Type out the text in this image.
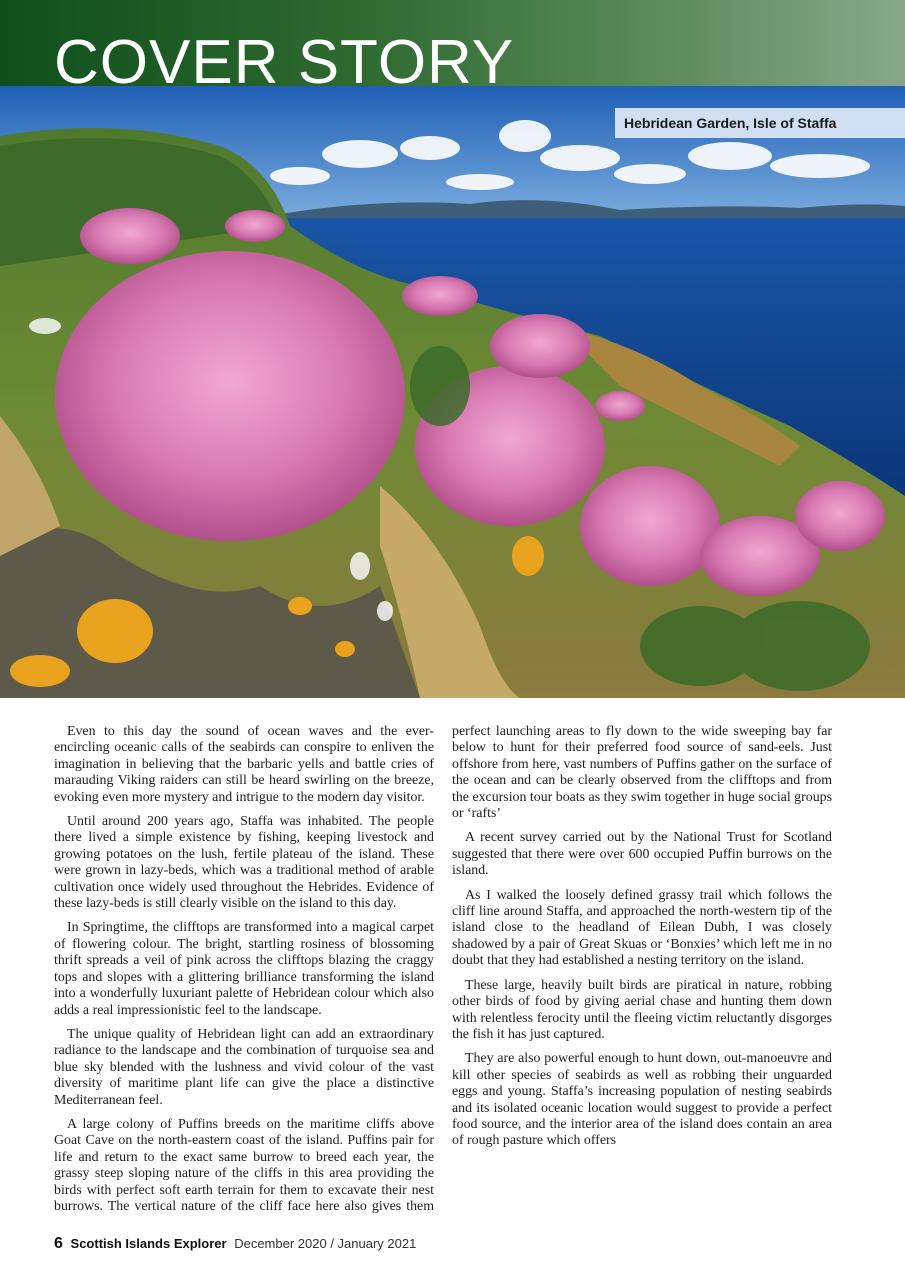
COVER STORY
Hebridean Garden, Isle of Staffa

Even to this day the sound of ocean waves and the ever-encircling oceanic calls of the seabirds can conspire to enliven the imagination in believing that the barbaric yells and battle cries of marauding Viking raiders can still be heard swirling on the breeze, evoking even more mystery and intrigue to the modern day visitor.

Until around 200 years ago, Staffa was inhabited. The people there lived a simple existence by fishing, keeping livestock and growing potatoes on the lush, fertile plateau of the island. These were grown in lazy-beds, which was a traditional method of arable cultivation once widely used throughout the Hebrides. Evidence of these lazy-beds is still clearly visible on the island to this day.

In Springtime, the clifftops are transformed into a magical carpet of flowering colour. The bright, startling rosiness of blossoming thrift spreads a veil of pink across the clifftops blazing the craggy tops and slopes with a glittering brilliance transforming the island into a wonderfully luxuriant palette of Hebridean colour which also adds a real impressionistic feel to the landscape.

The unique quality of Hebridean light can add an extraordinary radiance to the landscape and the combination of turquoise sea and blue sky blended with the lushness and vivid colour of the vast diversity of maritime plant life can give the place a distinctive Mediterranean feel.

A large colony of Puffins breeds on the maritime cliffs above Goat Cave on the north-eastern coast of the island. Puffins pair for life and return to the exact same burrow to breed each year, the grassy steep sloping nature of the cliffs in this area providing the birds with perfect soft earth terrain for them to excavate their nest burrows. The vertical nature of the cliff face here also gives them perfect launching areas to fly down to the wide sweeping bay far below to hunt for their preferred food source of sand-eels. Just offshore from here, vast numbers of Puffins gather on the surface of the ocean and can be clearly observed from the clifftops and from the excursion tour boats as they swim together in huge social groups or ‘rafts’

A recent survey carried out by the National Trust for Scotland suggested that there were over 600 occupied Puffin burrows on the island.

As I walked the loosely defined grassy trail which follows the cliff line around Staffa, and approached the north-western tip of the island close to the headland of Eilean Dubh, I was closely shadowed by a pair of Great Skuas or ‘Bonxies’ which left me in no doubt that they had established a nesting territory on the island.

These large, heavily built birds are piratical in nature, robbing other birds of food by giving aerial chase and hunting them down with relentless ferocity until the fleeing victim reluctantly disgorges the fish it has just captured.

They are also powerful enough to hunt down, out-manoeuvre and kill other species of seabirds as well as robbing their unguarded eggs and young. Staffa’s increasing population of nesting seabirds and its isolated oceanic location would suggest to provide a perfect food source, and the interior area of the island does contain an area of rough pasture which offers

6 Scottish Islands Explorer December 2020 / January 2021
